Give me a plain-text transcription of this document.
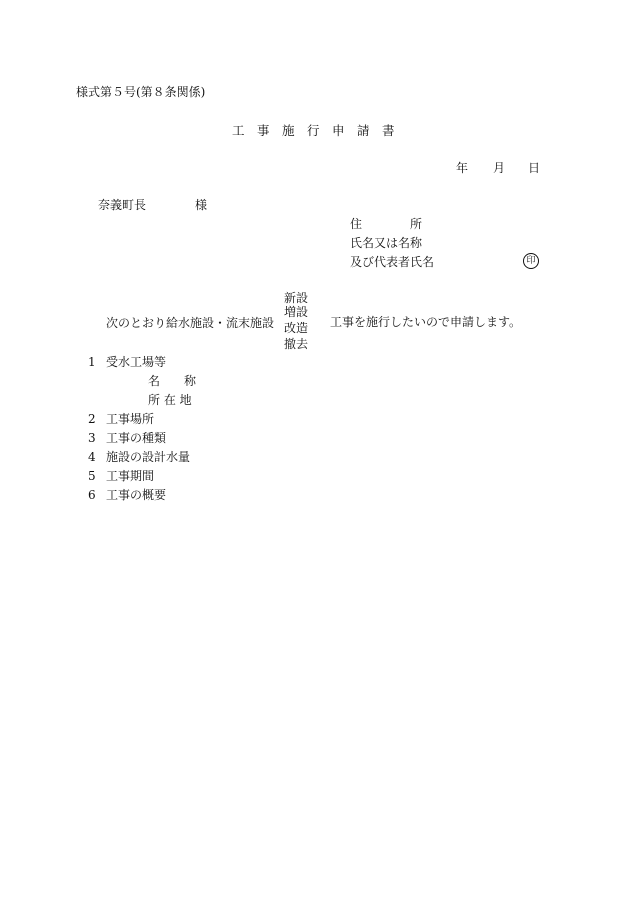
様式第５号(第８条関係)
工　事　施　行　申　請　書
年 月 日
奈義町長	様
住　　　　所
氏名又は名称
及び代表者氏名	印
次のとおり給水施設・流末施設
新設
増設
改造
撤去
工事を施行したいので申請します。
1 受水工場等
名　　称
所 在 地
2 工事場所
3 工事の種類
4 施設の設計水量
5 工事期間
6 工事の概要
